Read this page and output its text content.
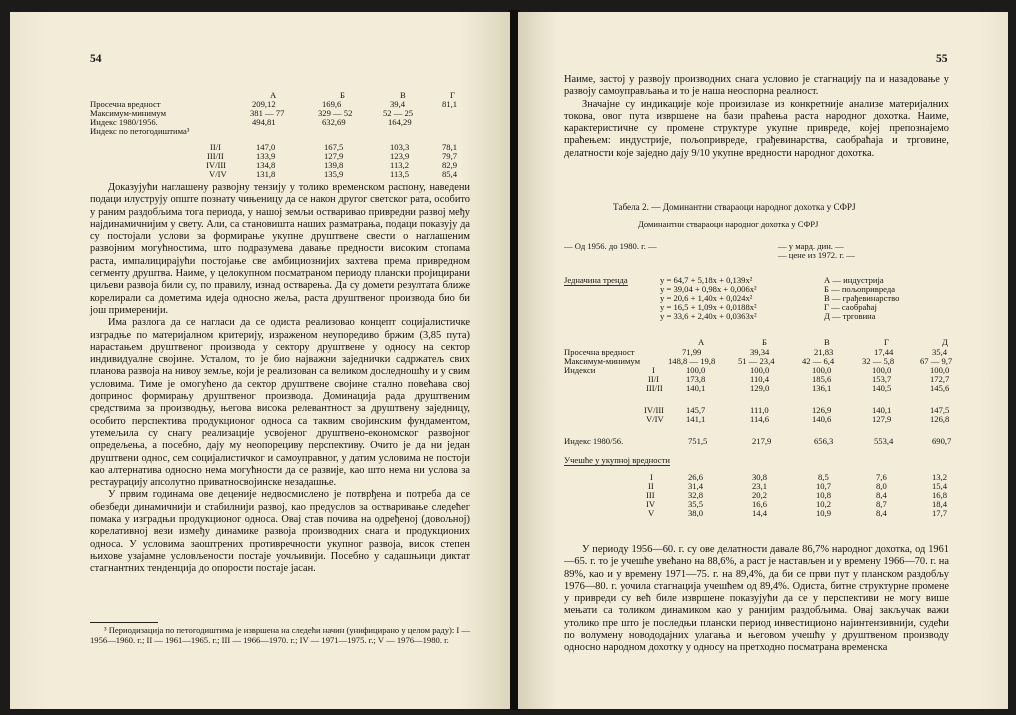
54
А	Б	В	Г
Просечна вредност	209,12	169,6	39,4	81,1
Максимум-минимум	381 — 77	329 — 52	52 — 25
Индекс 1980/1956.	494,81	632,69	164,29
Индекс по петогодиштима³
II/I	147,0	167,5	103,3	78,1
III/II	133,9	127,9	123,9	79,7
IV/III	134,8	139,8	113,2	82,9
V/IV	131,8	135,9	113,5	85,4

Доказујући наглашену развојну тензију у толико временском распону, наведени подаци илуструју опште познату чињеницу да се након другог светског рата, особито у раним раздобљима тога периода, у нашој земљи остваривао привредни развој међу најдинамичнијим у свету. Али, са становишта наших разматрања, подаци показују да су постојали услови за формирање укупне друштвене свести о наглашеним развојним могућностима, што подразумева давање предности високим стопама раста, импалицирајући постојање све амбициознијих захтева према привредном сегменту друштва. Наиме, у целокупном посматраном периоду плански пројицирани циљеви развоја били су, по правилу, изнад остварења. Да су домети резултата ближе корелирали са дометима идеја односно жеља, раста друштвеног производа био би још примеренији.

Има разлога да се нагласи да се одиста реализовао концепт социјалистичке изградње по материјалном критерију, израженом неупоредиво бржим (3,85 пута) нарастањем друштвеног производа у сектору друштвене у односу на сектор индивидуалне својине. Усталом, то је био најважни заједнички садржатељ свих планова развоја на нивоу земље, који је реализован са великом доследношћу и у свим условима. Тиме је омогућено да сектор друштвене својине стално повећава свој допринос формирању друштвеног производа. Доминација рада друштвеним средствима за производњу, његова висока релевантност за друштвену заједницу, особито перспектива продукционог односа са таквим својинским фундаментом, утемељила су снагу реализације усвојеног друштвено-економског развојног опредељења, а посебно, дају му неопорециву перспективу. Очито је да ни један друштвени однос, сем социјалистичког и самоуправног, у датим условима не постоји као алтернатива односно нема могућности да се развије, као што нема ни услова за рестаурацију апсолутно приватносвојинске незадашње.

У првим годинама ове деценије недвосмислено је потврђена и потреба да се обезбеди динамичнији и стабилнији развој, као предуслов за остваривање следећег помака у изградњи продукционог односа. Овај став почива на одређеној (довољној) корелативној вези између динамике развоја производних снага и продукционих односа. У условима заоштрених противречности укупног развоја, висок степен њихове узајамне условљености постаје уочљивији. Посебно у садашњици диктат стагнантних тенденција до опорости постаје јасан.

³ Периодизација по петогодиштима је извршена на следећи начин (унифицирано у целом раду): I — 1956—1960. г.; II — 1961—1965. г.; III — 1966—1970. г.; IV — 1971—1975. г.; V — 1976—1980. г.

55

Наиме, застој у развоју производних снага условио је стагнацију па и назадовање у развоју самоуправљања и то је наша неоспорна реалност.

Значајне су индикације које произилазе из конкретније анализе материјалних токова, овог пута извршене на бази праћења раста народног дохотка. Наиме, карактеристичне су промене структуре укупне привреде, којеј препознајемо праћењем: индустрије, пољопривреде, грађевинарства, саобраћаја и трговине, делатности које заједно дају 9/10 укупне вредности народног дохотка.

Табела 2. — Доминантни ствараоци народног дохотка у СФРЈ
Доминантни ствараоци народног дохотка у СФРЈ
— Од 1956. до 1980. г. —	— у мард. дин. —
— цене из 1972. г. —
Једначина тренда	y = 64,7 + 5,18x + 0,139x²
y = 39,04 + 0,98x + 0,006x²
y = 20,6 + 1,40x + 0,024x²
y = 16,5 + 1,09x + 0,0188x²
y = 33,6 + 2,40x + 0,0363x²
А — индустрија
Б — пољопривреда
В — грађевинарство
Г — саобраћај
Д — трговина
А	Б	В	Г	Д
Просечна вредност	71,99	39,34	21,83	17,44	35,4
Максимум-минимум	148,8 — 19,8	51 — 23,4	42 — 6,4	32 — 5,8	67 — 9,7
Индекси	I	100,0	100,0	100,0	100,0	100,0
II/I	173,8	110,4	185,6	153,7	172,7
III/II	140,1	129,0	136,1	140,5	145,6
IV/III	145,7	111,0	126,9	140,1	147,5
V/IV	141,1	114,6	140,6	127,9	126,8
Индекс 1980/56.	751,5	217,9	656,3	553,4	690,7
Учешће у укупној вредности
I	26,6	30,8	8,5	7,6	13,2
II	31,4	23,1	10,7	8,0	15,4
III	32,8	20,2	10,8	8,4	16,8
IV	35,5	16,6	10,2	8,7	18,4
V	38,0	14,4	10,9	8,4	17,7

У периоду 1956—60. г. су ове делатности давале 86,7% народног дохотка, од 1961—65. г. то је учешће увећано на 88,6%, а раст је настављен и у времену 1966—70. г. на 89%, као и у времену 1971—75. г. на 89,4%, да би се први пут у планском раздобљу 1976—80. г. уочила стагнација учешћем од 89,4%. Одиста, битне структурне промене у привреди су већ биле извршене показујући да се у перспективи не могу више мењати са толиком динамиком као у ранијим раздобљима. Овај закључак важи утолико пре што је последњи плански период инвестиционо најинтензивнији, судећи по волумену новододајних улагања и његовом учешћу у друштвеном производу односно народном дохотку у односу на претходно посматрана временска
